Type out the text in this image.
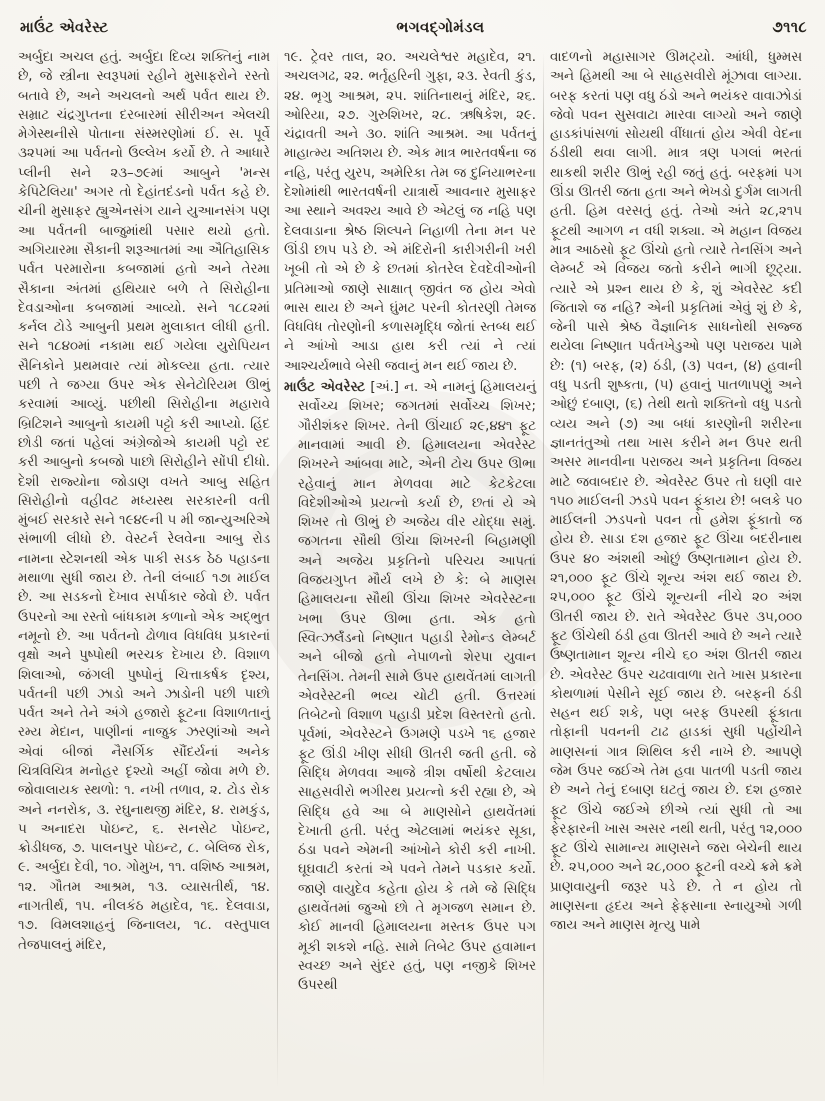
માઉંટ એવરેસ્ટ	ભગવદ્ગોમંડલ	૭૧૧૮

અર્બુદા અચલ હતું. અર્બુદા દિવ્ય શક્તિનું નામ છે, જે સ્ત્રીના સ્વરૂપમાં રહીને મુસાફરોને રસ્તો બતાવે છે, અને અચલનો અર્થ પર્વત થાય છે. સમ્રાટ ચંદ્રગુપ્તના દરબારમાં સીરીઅન એલચી મેગેસ્થનીસે પોતાના સંસ્મરણોમાં ઈ. સ. પૂર્વે ૩૨૫માં આ પર્વતનો ઉલ્લેખ કર્યો છે. તે આધારે પ્લીની સને ૨૩–૭૯માં આબુને 'મન્સ કેપિટેલિયા' અગર તો દેહાંતદંડનો પર્વત કહે છે. ચીની મુસાફર હ્યુએનસંગ યાને યુઆનસંગ પણ આ પર્વતની બાજુમાંથી પસાર થયો હતો. અગિયારમા સૈકાની શરૂઆતમાં આ ઐતિહાસિક પર્વત પરમારોના કબજામાં હતો અને તેરમા સૈકાના અંતમાં હથિયાર બળે તે સિરોહીના દેવડાઓના કબજામાં આવ્યો. સને ૧૮૮૨માં કર્નલ ટોડે આબુની પ્રથમ મુલાકાત લીધી હતી. સને ૧૮૪૦માં નકામા થઈ ગયેલા યુરોપિયન સૈનિકોને પ્રથમવાર ત્યાં મોકલ્યા હતા. ત્યાર પછી તે જગ્યા ઉપર એક સેનેટોરિયમ ઊભું કરવામાં આવ્યું. પછીથી સિરોહીના મહારાવે બ્રિટિશને આબુનો કાયમી પટ્ટો કરી આપ્યો. હિંદ છોડી જતાં પહેલાં અંગ્રેજોએ કાયમી પટ્ટો રદ કરી આબુનો કબજો પાછો સિરોહીને સોંપી દીધો. દેશી રાજ્યોના જોડાણ વખતે આબુ સહિત સિરોહીનો વહીવટ મધ્યસ્થ સરકારની વતી મુંબઈ સરકારે સને ૧૯૪૯ની ૫ મી જાન્યુઅરિએ સંભાળી લીધો છે. વેસ્ટર્ન રેલવેના આબુ રોડ નામના સ્ટેશનથી એક પાકી સડક ઠેઠ પહાડના મથાળા સુધી જાય છે. તેની લંબાઈ ૧૭ા માઈલ છે. આ સડકનો દેખાવ સર્પાકાર જેવો છે. પર્વત ઉપરનો આ રસ્તો બાંધકામ કળાનો એક અદ્ભુત નમૂનો છે. આ પર્વતનો ઢોળાવ વિધવિધ પ્રકારનાં વૃક્ષો અને પુષ્પોથી ભરચક દેખાય છે. વિશાળ શિલાઓ, જંગલી પુષ્પોનું ચિત્તાકર્ષક દૃશ્ય, પર્વતની પછી ઝાડો અને ઝાડોની પછી પાછો પર્વત અને તેને અંગે હજારો ફૂટના વિશાળતાનું રમ્ય મેદાન, પાણીનાં નાજુક ઝરણાંઓ અને એવાં બીજાં નૈસર્ગિક સૌંદર્યનાં અનેક ચિત્રવિચિત્ર મનોહર દૃશ્યો અહીં જોવા મળે છે. જોવાલાયક સ્થળો: ૧. નખી તળાવ, ૨. ટોડ રોક અને નનરોક, ૩. રઘુનાથજી મંદિર, ૪. રામકુંડ, ૫ અનાદરા પોઇન્ટ, ૬. સનસેટ પોઇન્ટ, ક્રોડીધજ, ૭. પાલનપુર પોઇન્ટ, ૮. બેલિજ રોક, ૯. અર્બુદા દેવી, ૧૦. ગોમુખ, ૧૧. વશિષ્ઠ આશ્રમ, ૧૨. ગૌતમ આશ્રમ, ૧૩. વ્યાસતીર્થ, ૧૪. નાગતીર્થ, ૧૫. નીલકંઠ મહાદેવ, ૧૬. દેલવાડા, ૧૭. વિમલશાહનું જિનાલય, ૧૮. વસ્તુપાલ તેજપાલનું મંદિર,

૧૯. ટ્રેવર તાલ, ૨૦. અચલેશ્વર મહાદેવ, ૨૧. અચલગઢ, ૨૨. ભર્તૃહરિની ગુફા, ૨૩. રેવતી કુંડ, ૨૪. ભૃગુ આશ્રમ, ૨૫. શાંતિનાથનું મંદિર, ૨૬. ઓરિયા, ૨૭. ગુરુશિખર, ૨૮. ઋષિકેશ, ૨૯. ચંદ્રાવતી અને ૩૦. શાંતિ આશ્રમ. આ પર્વતનું માહાત્મ્ય અતિશય છે. એક માત્ર ભારતવર્ષના જ નહિ, પરંતુ યુરપ, અમેરિકા તેમ જ દુનિયાભરના દેશોમાંથી ભારતવર્ષની યાત્રાર્થે આવનાર મુસાફર આ સ્થાને અવશ્ય આવે છે એટલું જ નહિ પણ દેલવાડાના શ્રેષ્ઠ શિલ્પને નિહાળી તેના મન પર ઊંડી છાપ પડે છે. એ મંદિરોની કારીગરીની ખરી ખૂબી તો એ છે કે છતમાં કોતરેલ દેવદેવીઓની પ્રતિમાઓ જાણે સાક્ષાત્ જીવંત જ હોય એવો ભાસ થાય છે અને ઘુંમટ પરની કોતરણી તેમજ વિધવિધ તોરણોની કળાસમૃદ્ધિ જોતાં સ્તબ્ધ થઈ ને આંખો આડા હાથ કરી ત્યાં ને ત્યાં આશ્ચર્યભાવે બેસી જવાનું મન થઈ જાય છે.

માઉંટ એવરેસ્ટ [અં.] ન. એ નામનું હિમાલયનું સર્વોચ્ચ શિખર; જગતમાં સર્વોચ્ચ શિખર; ગૌરીશંકર શિખર. તેની ઊંચાઈ ૨૯,૪૪૧ ફૂટ માનવામાં આવી છે. હિમાલયના એવરેસ્ટ શિખરને આંબવા માટે, એની ટોચ ઉપર ઊભા રહેવાનું માન મેળવવા માટે કેટકેટલા વિદેશીઓએ પ્રયત્નો કર્યા છે, છતાં યે એ શિખર તો ઊભું છે અજેય વીર યોદ્ધા સમું. જગતના સૌથી ઊંચા શિખરની બિહામણી અને અજેય પ્રકૃતિનો પરિચય આપતાં વિજયગુપ્ત મૌર્ય લખે છે કે: બે માણસ હિમાલયના સૌથી ઊંચા શિખર એવરેસ્ટના ખભા ઉપર ઊભા હતા. એક હતો સ્વિત્ઝર્લૅંડનો નિષ્ણાત પહાડી રેમોન્ડ લેમ્બર્ટ અને બીજો હતો નેપાળનો શેરપા યુવાન તેનસિંગ. તેમની સામે ઉપર હાથવેંતમાં લાગતી એવરેસ્ટની ભવ્ય ચોટી હતી. ઉત્તરમાં તિબેટનો વિશાળ પહાડી પ્રદેશ વિસ્તરતો હતો. પૂર્વમાં, એવરેસ્ટને ઉગમણે પડખે ૧૬ હજાર ફૂટ ઊંડી ખીણ સીધી ઊતરી જતી હતી. જે સિદ્ધિ મેળવવા આજે ત્રીશ વર્ષોથી કેટલાય સાહસવીરો ભગીરથ પ્રયત્નો કરી રહ્યા છે, એ સિદ્ધિ હવે આ બે માણસોને હાથવેંતમાં દેખાતી હતી. પરંતુ એટલામાં ભયંકર સૂકા, ઠંડા પવને એમની આંખોને કોરી કરી નાખી. ઘૂઘવાટી કરતાં એ પવને તેમને પડકાર કર્યો. જાણે વાયુદેવ કહેતા હોય કે તમે જે સિદ્ધિ હાથવેંતમાં જુઓ છો તે મૃગજળ સમાન છે. કોઈ માનવી હિમાલયના મસ્તક ઉપર પગ મૂકી શકશે નહિ. સામે તિબેટ ઉપર હવામાન સ્વચ્છ અને સુંદર હતું, પણ નજીકે શિખર ઉપરથી

વાદળનો મહાસાગર ઊમટ્યો. આંધી, ધુમ્મસ અને હિમથી આ બે સાહસવીરો મૂંઝાવા લાગ્યા. બરફ કરતાં પણ વધુ ઠંડો અને ભયંકર વાવાઝોડાં જેવો પવન સુસવાટા મારવા લાગ્યો અને જાણે હાડકાંપાંસળાં સોયથી વીંધાતાં હોય એવી વેદના ઠંડીથી થવા લાગી. માત્ર ત્રણ પગલાં ભરતાં થાકથી શરીર ઊભું રહી જતું હતું. બરફમાં પગ ઊંડા ઊતરી જતા હતા અને ભેખડો દુર્ગમ લાગતી હતી. હિમ વરસતું હતું. તેઓ અંતે ૨૮,૨૧૫ ફૂટથી આગળ ન વધી શક્યા. એ મહાન વિજય માત્ર આઠસો ફૂટ ઊંચો હતો ત્યારે તેનસિંગ અને લેમ્બર્ટ એ વિજય જતો કરીને ભાગી છૂટ્યા. ત્યારે એ પ્રશ્ન થાય છે કે, શું એવરેસ્ટ કદી જિતાશે જ નહિ? એની પ્રકૃતિમાં એવું શું છે કે, જેની પાસે શ્રેષ્ઠ વૈજ્ઞાનિક સાધનોથી સજ્જ થયેલા નિષ્ણાત પર્વતખેડુઓ પણ પરાજય પામે છે: (૧) બરફ, (૨) ઠંડી, (૩) પવન, (૪) હવાની વધુ પડતી શુષ્કતા, (૫) હવાનું પાતળાપણું અને ઓછું દબાણ, (૬) તેથી થતો શક્તિનો વધુ પડતો વ્યય અને (૭) આ બધાં કારણોની શરીરના જ્ઞાનતંતુઓ તથા ખાસ કરીને મન ઉપર થતી અસર માનવીના પરાજય અને પ્રકૃતિના વિજય માટે જવાબદાર છે. એવરેસ્ટ ઉપર તો ઘણી વાર ૧૫૦ માઈલની ઝડપે પવન ફૂંકાય છે! બલકે ૫૦ માઈલની ઝડપનો પવન તો હમેશ ફૂંકાતો જ હોય છે. સાડા દશ હજાર ફૂટ ઊંચા બદરીનાથ ઉપર ૪૦ અંશથી ઓછું ઉષ્ણતામાન હોય છે. ૨૧,૦૦૦ ફૂટ ઊંચે શૂન્ય અંશ થઈ જાય છે. ૨૫,૦૦૦ ફૂટ ઊંચે શૂન્યની નીચે ૨૦ અંશ ઊતરી જાય છે. રાતે એવરેસ્ટ ઉપર ૩૫,૦૦૦ ફૂટ ઊંચેથી ઠંડી હવા ઊતરી આવે છે અને ત્યારે ઉષ્ણતામાન શૂન્ય નીચે ૬૦ અંશ ઊતરી જાય છે. એવરેસ્ટ ઉપર ચઢવાવાળા રાતે ખાસ પ્રકારના કોથળામાં પેસીને સૂઈ જાય છે. બરફની ઠંડી સહન થઈ શકે, પણ બરફ ઉપરથી ફૂંકાતા તોફાની પવનની ટાઢ હાડકાં સુધી પહોંચીને માણસનાં ગાત્ર શિથિલ કરી નાખે છે. આપણે જેમ ઉપર જઈએ તેમ હવા પાતળી પડતી જાય છે અને તેનું દબાણ ઘટતું જાય છે. દશ હજાર ફૂટ ઊંચે જઈએ છીએ ત્યાં સુધી તો આ ફેરફારની ખાસ અસર નથી થતી, પરંતુ ૧૨,૦૦૦ ફૂટ ઊંચે સામાન્ય માણસને જરા બેચેની થાય છે. ૨૫,૦૦૦ અને ૨૮,૦૦૦ ફૂટની વચ્ચે ક્રમે ક્રમે પ્રાણવાયુની જરૂર પડે છે. તે ન હોય તો માણસના હૃદય અને ફેફસાના સ્નાયુઓ ગળી જાય અને માણસ મૃત્યુ પામે
